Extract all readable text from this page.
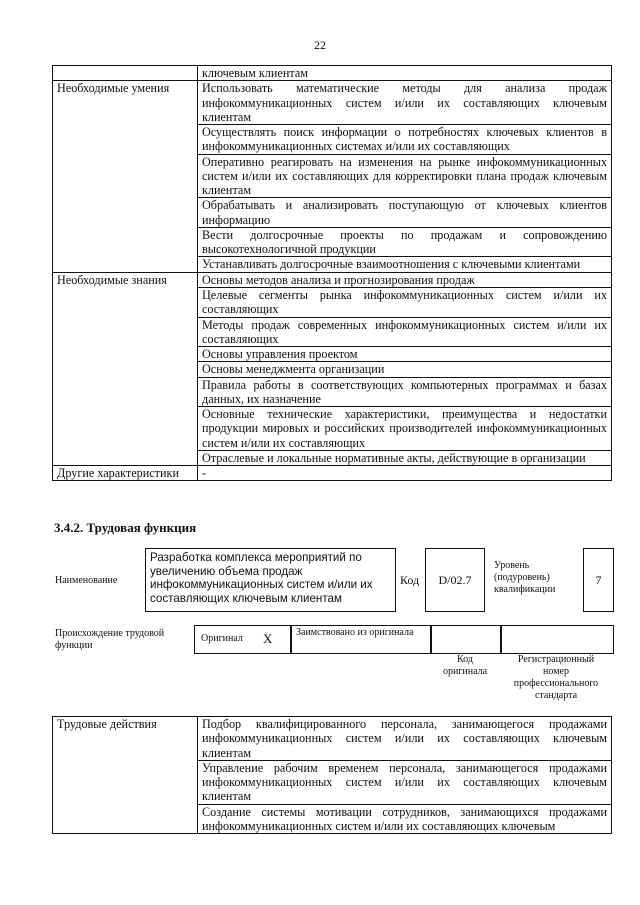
22
	ключевым клиентам
Необходимые умения	Использовать математические методы для анализа продаж инфокоммуникационных систем и/или их составляющих ключевым клиентам
	Осуществлять поиск информации о потребностях ключевых клиентов в инфокоммуникационных системах и/или их составляющих
	Оперативно реагировать на изменения на рынке инфокоммуникационных систем и/или их составляющих для корректировки плана продаж ключевым клиентам
	Обрабатывать и анализировать поступающую от ключевых клиентов информацию
	Вести долгосрочные проекты по продажам и сопровождению высокотехнологичной продукции
	Устанавливать долгосрочные взаимоотношения с ключевыми клиентами
Необходимые знания	Основы методов анализа и прогнозирования продаж
	Целевые сегменты рынка инфокоммуникационных систем и/или их составляющих
	Методы продаж современных инфокоммуникационных систем и/или их составляющих
	Основы управления проектом
	Основы менеджмента организации
	Правила работы в соответствующих компьютерных программах и базах данных, их назначение
	Основные технические характеристики, преимущества и недостатки продукции мировых и российских производителей инфокоммуникационных систем и/или их составляющих
	Отраслевые и локальные нормативные акты, действующие в организации
Другие характеристики	-
3.4.2. Трудовая функция
Наименование
Разработка комплекса мероприятий по увеличению объема продаж инфокоммуникационных систем и/или их составляющих ключевым клиентам
Код	D/02.7
Уровень (подуровень) квалификации
7
Происхождение трудовой функции
Оригинал X	Заимствовано из оригинала
Код оригинала
Регистрационный номер профессионального стандарта
Трудовые действия	Подбор квалифицированного персонала, занимающегося продажами инфокоммуникационных систем и/или их составляющих ключевым клиентам
Управление рабочим временем персонала, занимающегося продажами инфокоммуникационных систем и/или их составляющих ключевым клиентам
Создание системы мотивации сотрудников, занимающихся продажами инфокоммуникационных систем и/или их составляющих ключевым
